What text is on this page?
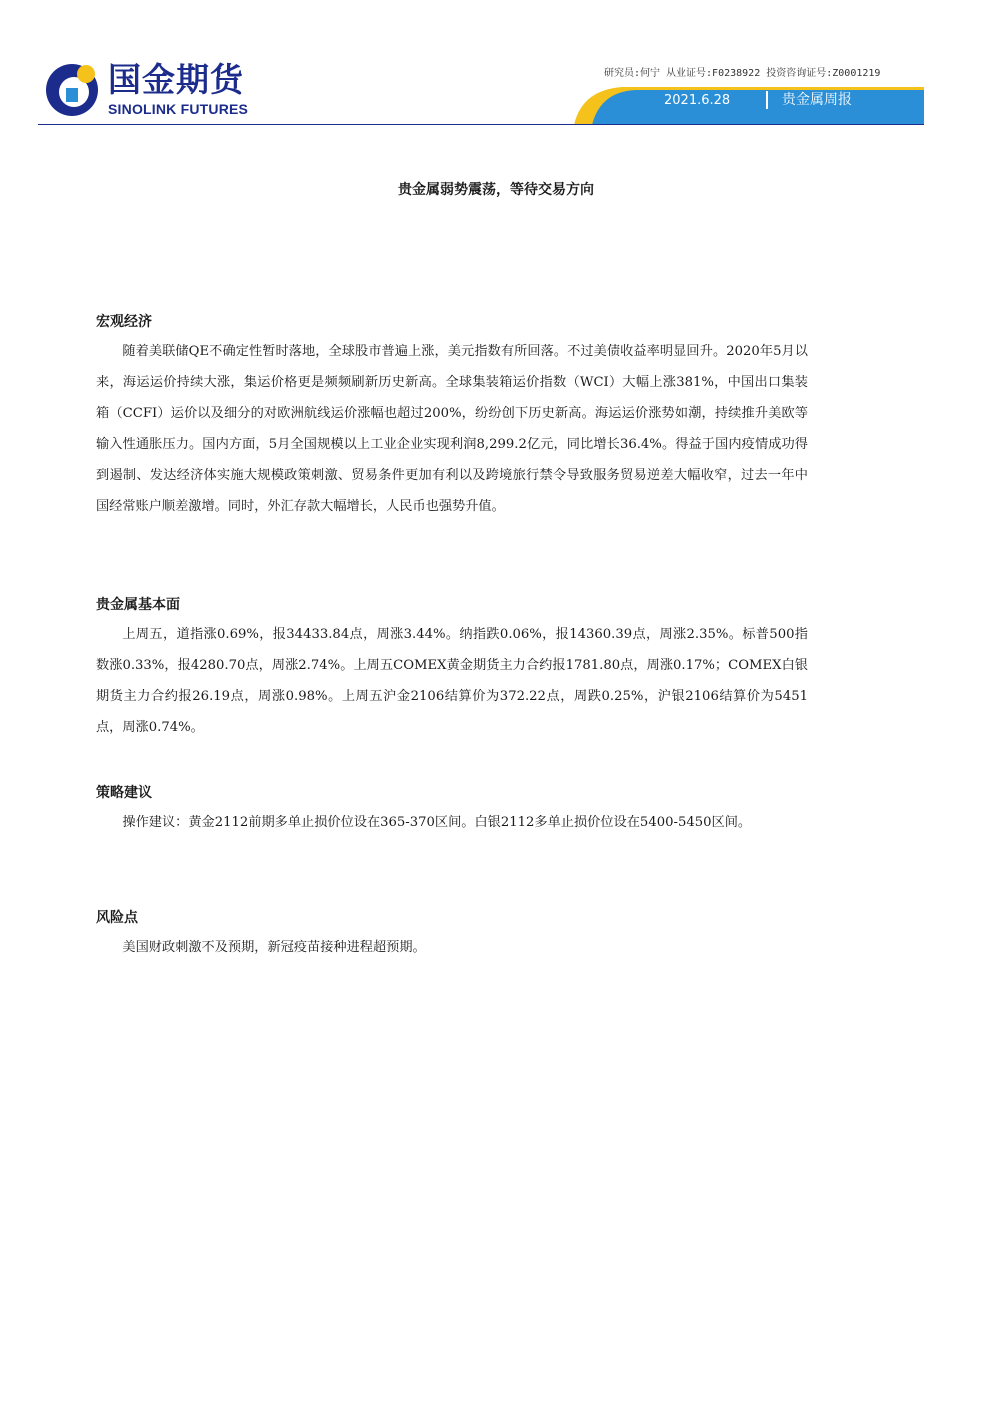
国金期货
SINOLINK FUTURES
研究员:何宁 从业证号:F0238922 投资咨询证号:Z0001219
2021.6.28	贵金属周报
贵金属弱势震荡，等待交易方向
宏观经济

随着美联储QE不确定性暂时落地，全球股市普遍上涨，美元指数有所回落。不过美债收益率明显回升。2020年5月以来，海运运价持续大涨，集运价格更是频频刷新历史新高。全球集装箱运价指数（WCI）大幅上涨381%，中国出口集装箱（CCFI）运价以及细分的对欧洲航线运价涨幅也超过200%，纷纷创下历史新高。海运运价涨势如潮，持续推升美欧等输入性通胀压力。国内方面，5月全国规模以上工业企业实现利润8,299.2亿元，同比增长36.4%。得益于国内疫情成功得到遏制、发达经济体实施大规模政策刺激、贸易条件更加有利以及跨境旅行禁令导致服务贸易逆差大幅收窄，过去一年中国经常账户顺差激增。同时，外汇存款大幅增长，人民币也强势升值。

贵金属基本面

上周五，道指涨0.69%，报34433.84点，周涨3.44%。纳指跌0.06%，报14360.39点，周涨2.35%。标普500指数涨0.33%，报4280.70点，周涨2.74%。上周五COMEX黄金期货主力合约报1781.80点，周涨0.17%；COMEX白银期货主力合约报26.19点，周涨0.98%。上周五沪金2106结算价为372.22点，周跌0.25%，沪银2106结算价为5451点，周涨0.74%。

策略建议

操作建议：黄金2112前期多单止损价位设在365-370区间。白银2112多单止损价位设在5400-5450区间。

风险点

美国财政刺激不及预期，新冠疫苗接种进程超预期。
